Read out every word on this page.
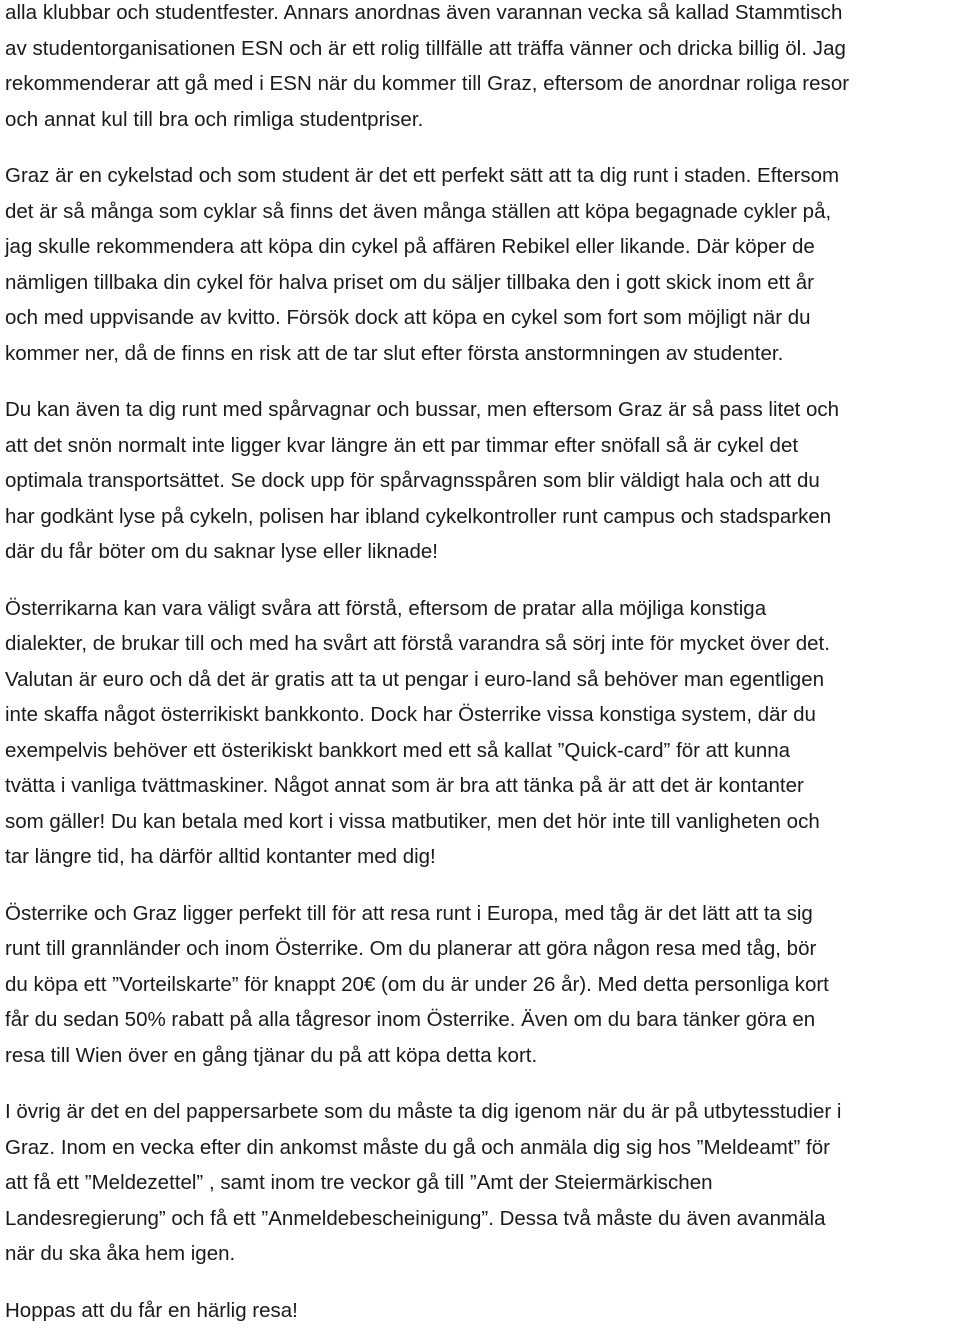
alla klubbar och studentfester. Annars anordnas även varannan vecka så kallad Stammtisch
av studentorganisationen ESN och är ett rolig tillfälle att träffa vänner och dricka billig öl. Jag
rekommenderar att gå med i ESN när du kommer till Graz, eftersom de anordnar roliga resor
och annat kul till bra och rimliga studentpriser.

Graz är en cykelstad och som student är det ett perfekt sätt att ta dig runt i staden. Eftersom
det är så många som cyklar så finns det även många ställen att köpa begagnade cykler på,
jag skulle rekommendera att köpa din cykel på affären Rebikel eller likande. Där köper de
nämligen tillbaka din cykel för halva priset om du säljer tillbaka den i gott skick inom ett år
och med uppvisande av kvitto. Försök dock att köpa en cykel som fort som möjligt när du
kommer ner, då de finns en risk att de tar slut efter första anstormningen av studenter.

Du kan även ta dig runt med spårvagnar och bussar, men eftersom Graz är så pass litet och
att det snön normalt inte ligger kvar längre än ett par timmar efter snöfall så är cykel det
optimala transportsättet. Se dock upp för spårvagnsspåren som blir väldigt hala och att du
har godkänt lyse på cykeln, polisen har ibland cykelkontroller runt campus och stadsparken
där du får böter om du saknar lyse eller liknade!

Österrikarna kan vara väligt svåra att förstå, eftersom de pratar alla möjliga konstiga
dialekter, de brukar till och med ha svårt att förstå varandra så sörj inte för mycket över det.
Valutan är euro och då det är gratis att ta ut pengar i euro-land så behöver man egentligen
inte skaffa något österrikiskt bankkonto. Dock har Österrike vissa konstiga system, där du
exempelvis behöver ett österikiskt bankkort med ett så kallat ”Quick-card” för att kunna
tvätta i vanliga tvättmaskiner. Något annat som är bra att tänka på är att det är kontanter
som gäller! Du kan betala med kort i vissa matbutiker, men det hör inte till vanligheten och
tar längre tid, ha därför alltid kontanter med dig!

Österrike och Graz ligger perfekt till för att resa runt i Europa, med tåg är det lätt att ta sig
runt till grannländer och inom Österrike. Om du planerar att göra någon resa med tåg, bör
du köpa ett ”Vorteilskarte” för knappt 20€ (om du är under 26 år). Med detta personliga kort
får du sedan 50% rabatt på alla tågresor inom Österrike. Även om du bara tänker göra en
resa till Wien över en gång tjänar du på att köpa detta kort.

I övrig är det en del pappersarbete som du måste ta dig igenom när du är på utbytesstudier i
Graz. Inom en vecka efter din ankomst måste du gå och anmäla dig sig hos ”Meldeamt” för
att få ett ”Meldezettel” , samt inom tre veckor gå till ”Amt der Steiermärkischen
Landesregierung” och få ett ”Anmeldebescheinigung”. Dessa två måste du även avanmäla
när du ska åka hem igen.

Hoppas att du får en härlig resa!
